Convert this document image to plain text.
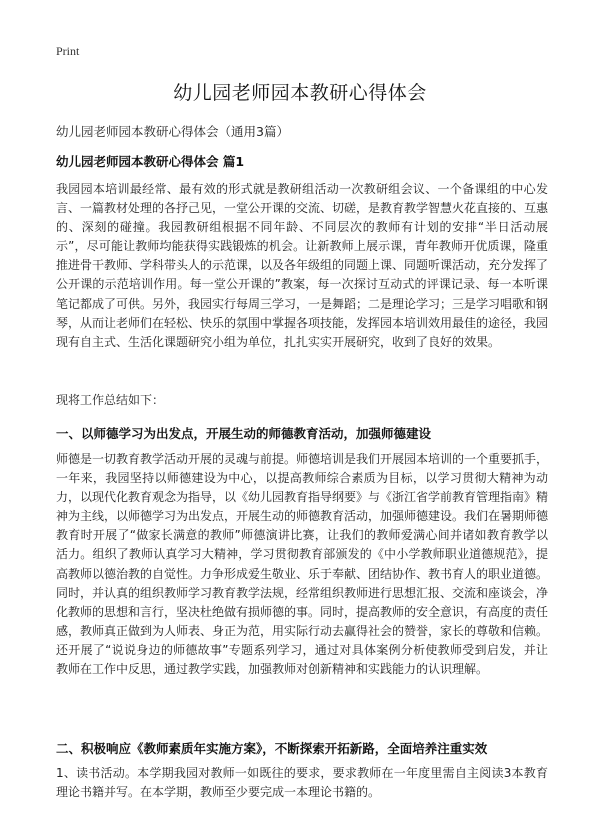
Print
幼儿园老师园本教研心得体会
幼儿园老师园本教研心得体会（通用3篇）
幼儿园老师园本教研心得体会 篇1

我园园本培训最经常、最有效的形式就是教研组活动一次教研组会议、一个备课组的中心发言、一篇教材处理的各抒己见，一堂公开课的交流、切磋，是教育教学智慧火花直接的、互惠的、深刻的碰撞。我园教研组根据不同年龄、不同层次的教师有计划的安排“半日活动展示”，尽可能让教师均能获得实践锻炼的机会。让新教师上展示课，青年教师开优质课，隆重推进骨干教师、学科带头人的示范课，以及各年级组的同题上课、同题听课活动，充分发挥了公开课的示范培训作用。每一堂公开课的”教案，每一次探讨互动式的评课记录、每一本听课笔记都成了可供。另外，我园实行每周三学习，一是舞蹈；二是理论学习；三是学习唱歌和钢琴，从而让老师们在轻松、快乐的氛围中掌握各项技能，发挥园本培训效用最佳的途径，我园现有自主式、生活化课题研究小组为单位，扎扎实实开展研究，收到了良好的效果。

现将工作总结如下：

一、以师德学习为出发点，开展生动的师德教育活动，加强师德建设

师德是一切教育教学活动开展的灵魂与前提。师德培训是我们开展园本培训的一个重要抓手，一年来，我园坚持以师德建设为中心，以提高教师综合素质为目标，以学习贯彻大精神为动力，以现代化教育观念为指导，以《幼儿园教育指导纲要》与《浙江省学前教育管理指南》精神为主线，以师德学习为出发点，开展生动的师德教育活动，加强师德建设。我们在暑期师德教育时开展了“做家长满意的教师”师德演讲比赛，让我们的教师爱满心间并诸如教育教学以活力。组织了教师认真学习大精神，学习贯彻教育部颁发的《中小学教师职业道德规范》，提高教师以德治教的自觉性。力争形成爱生敬业、乐于奉献、团结协作、教书育人的职业道德。同时，并认真的组织教师学习教育教学法规，经常组织教师进行思想汇报、交流和座谈会，净化教师的思想和言行，坚决杜绝做有损师德的事。同时，提高教师的安全意识，有高度的责任感，教师真正做到为人师表、身正为范，用实际行动去赢得社会的赞誉，家长的尊敬和信赖。还开展了“说说身边的师德故事”专题系列学习，通过对具体案例分析使教师受到启发，并让教师在工作中反思，通过教学实践，加强教师对创新精神和实践能力的认识理解。

二、积极响应《教师素质年实施方案》，不断探索开拓新路，全面培养注重实效

1、读书活动。本学期我园对教师一如既往的要求，要求教师在一年度里需自主阅读3本教育理论书籍并写。在本学期，教师至少要完成一本理论书籍的。
